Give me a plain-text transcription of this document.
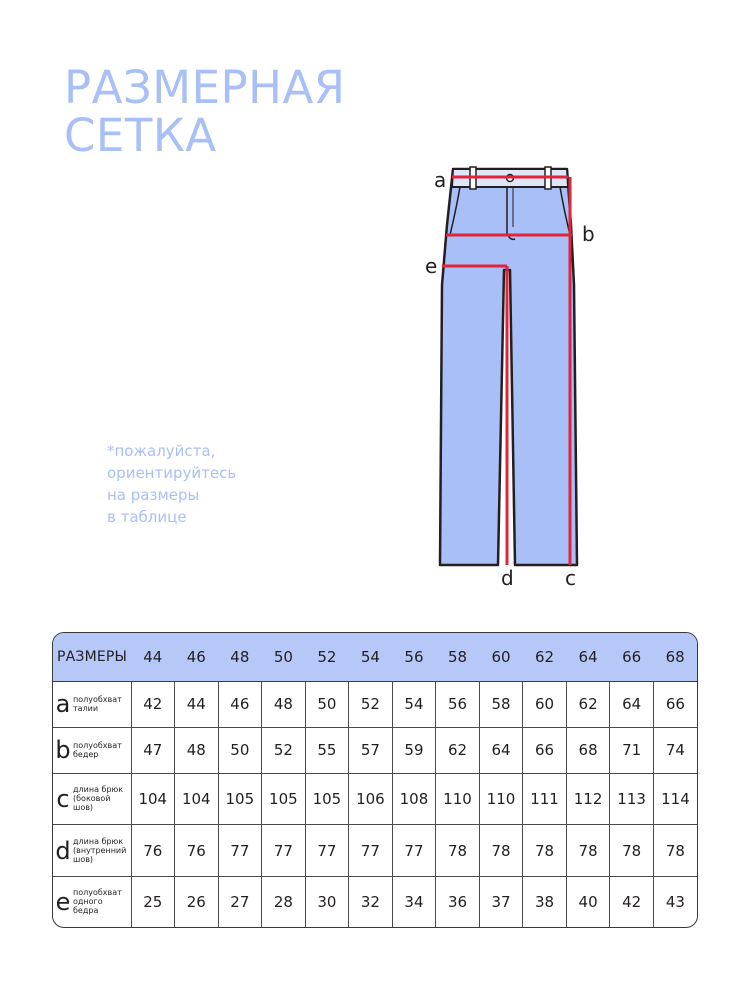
РАЗМЕРНАЯ
СЕТКА
*пожалуйста,
ориентируйтесь
на размеры
в таблице
a
b
e
d	c
РАЗМЕРЫ	44	46	48	50	52	54	56	58	60	62	64	66	68

a полуобхват
талии	42	44	46	48	50	52	54	56	58	60	62	64	66

b полуобхват
бедер	47	48	50	52	55	57	59	62	64	66	68	71	74

c длина брюк
(боковой
шов)	104	104	105	105	105	106	108	110	110	111	112	113	114

d длина брюк
(внутренний
шов)	76	76	77	77	77	77	77	78	78	78	78	78	78

e полуобхват
одного
бедра	25	26	27	28	30	32	34	36	37	38	40	42	43
